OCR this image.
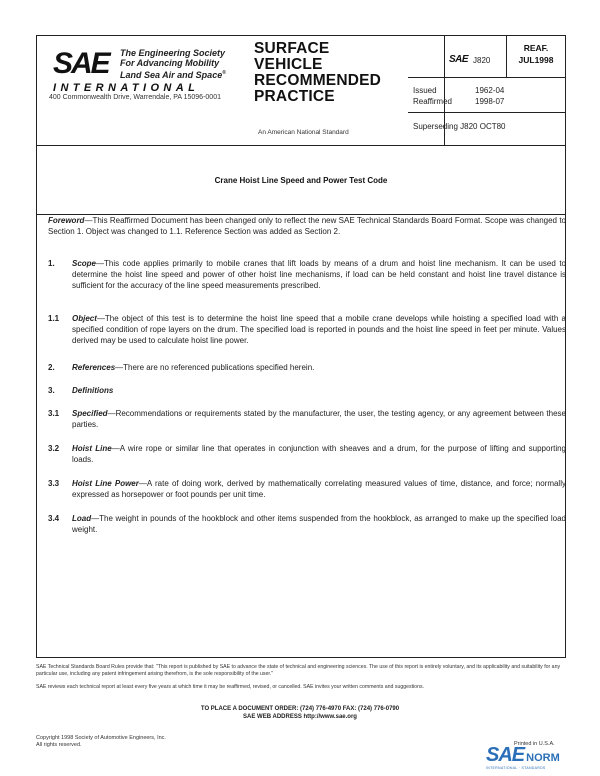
SAE The Engineering Society
For Advancing Mobility
Land Sea Air and Space®
INTERNATIONAL
400 Commonwealth Drive, Warrendale, PA 15096-0001
SURFACE
VEHICLE
RECOMMENDED
PRACTICE
An American National Standard
SAE J820
Crane Hoist Line Speed and Power Test Code
REAF.
JUL1998
Issued	1962-04
Reaffirmed	1998-07
Superseding J820 OCT80
Foreword—This Reaffirmed Document has been changed only to reflect the new SAE Technical Standards Board Format. Scope was changed to Section 1. Object was changed to 1.1. Reference Section was added as Section 2.
1. Scope—This code applies primarily to mobile cranes that lift loads by means of a drum and hoist line mechanism. It can be used to determine the hoist line speed and power of other hoist line mechanisms, if load can be held constant and hoist line travel distance is sufficient for the accuracy of the line speed measurements prescribed.
1.1 Object—The object of this test is to determine the hoist line speed that a mobile crane develops while hoisting a specified load with a specified condition of rope layers on the drum. The specified load is reported in pounds and the hoist line speed in feet per minute. Values derived may be used to calculate hoist line power.
2. References—There are no referenced publications specified herein.
3. Definitions
3.1 Specified—Recommendations or requirements stated by the manufacturer, the user, the testing agency, or any agreement between these parties.
3.2 Hoist Line—A wire rope or similar line that operates in conjunction with sheaves and a drum, for the purpose of lifting and supporting loads.
3.3 Hoist Line Power—A rate of doing work, derived by mathematically correlating measured values of time, distance, and force; normally expressed as horsepower or foot pounds per unit time.
3.4 Load—The weight in pounds of the hookblock and other items suspended from the hookblock, as arranged to make up the specified load weight.
SAE Technical Standards Board Rules provide that: "This report is published by SAE to advance the state of technical and engineering sciences. The use of this report is entirely voluntary, and its applicability and suitability for any particular use, including any patent infringement arising therefrom, is the sole responsibility of the user."
SAE reviews each technical report at least every five years at which time it may be reaffirmed, revised, or cancelled. SAE invites your written comments and suggestions.
TO PLACE A DOCUMENT ORDER: (724) 776-4970 FAX: (724) 776-0790
SAE WEB ADDRESS http://www.sae.org
Copyright 1998 Society of Automotive Engineers, Inc.
All rights reserved.	Printed in U.S.A.
SAE NORM
INTERNATIONAL · STANDARDS
